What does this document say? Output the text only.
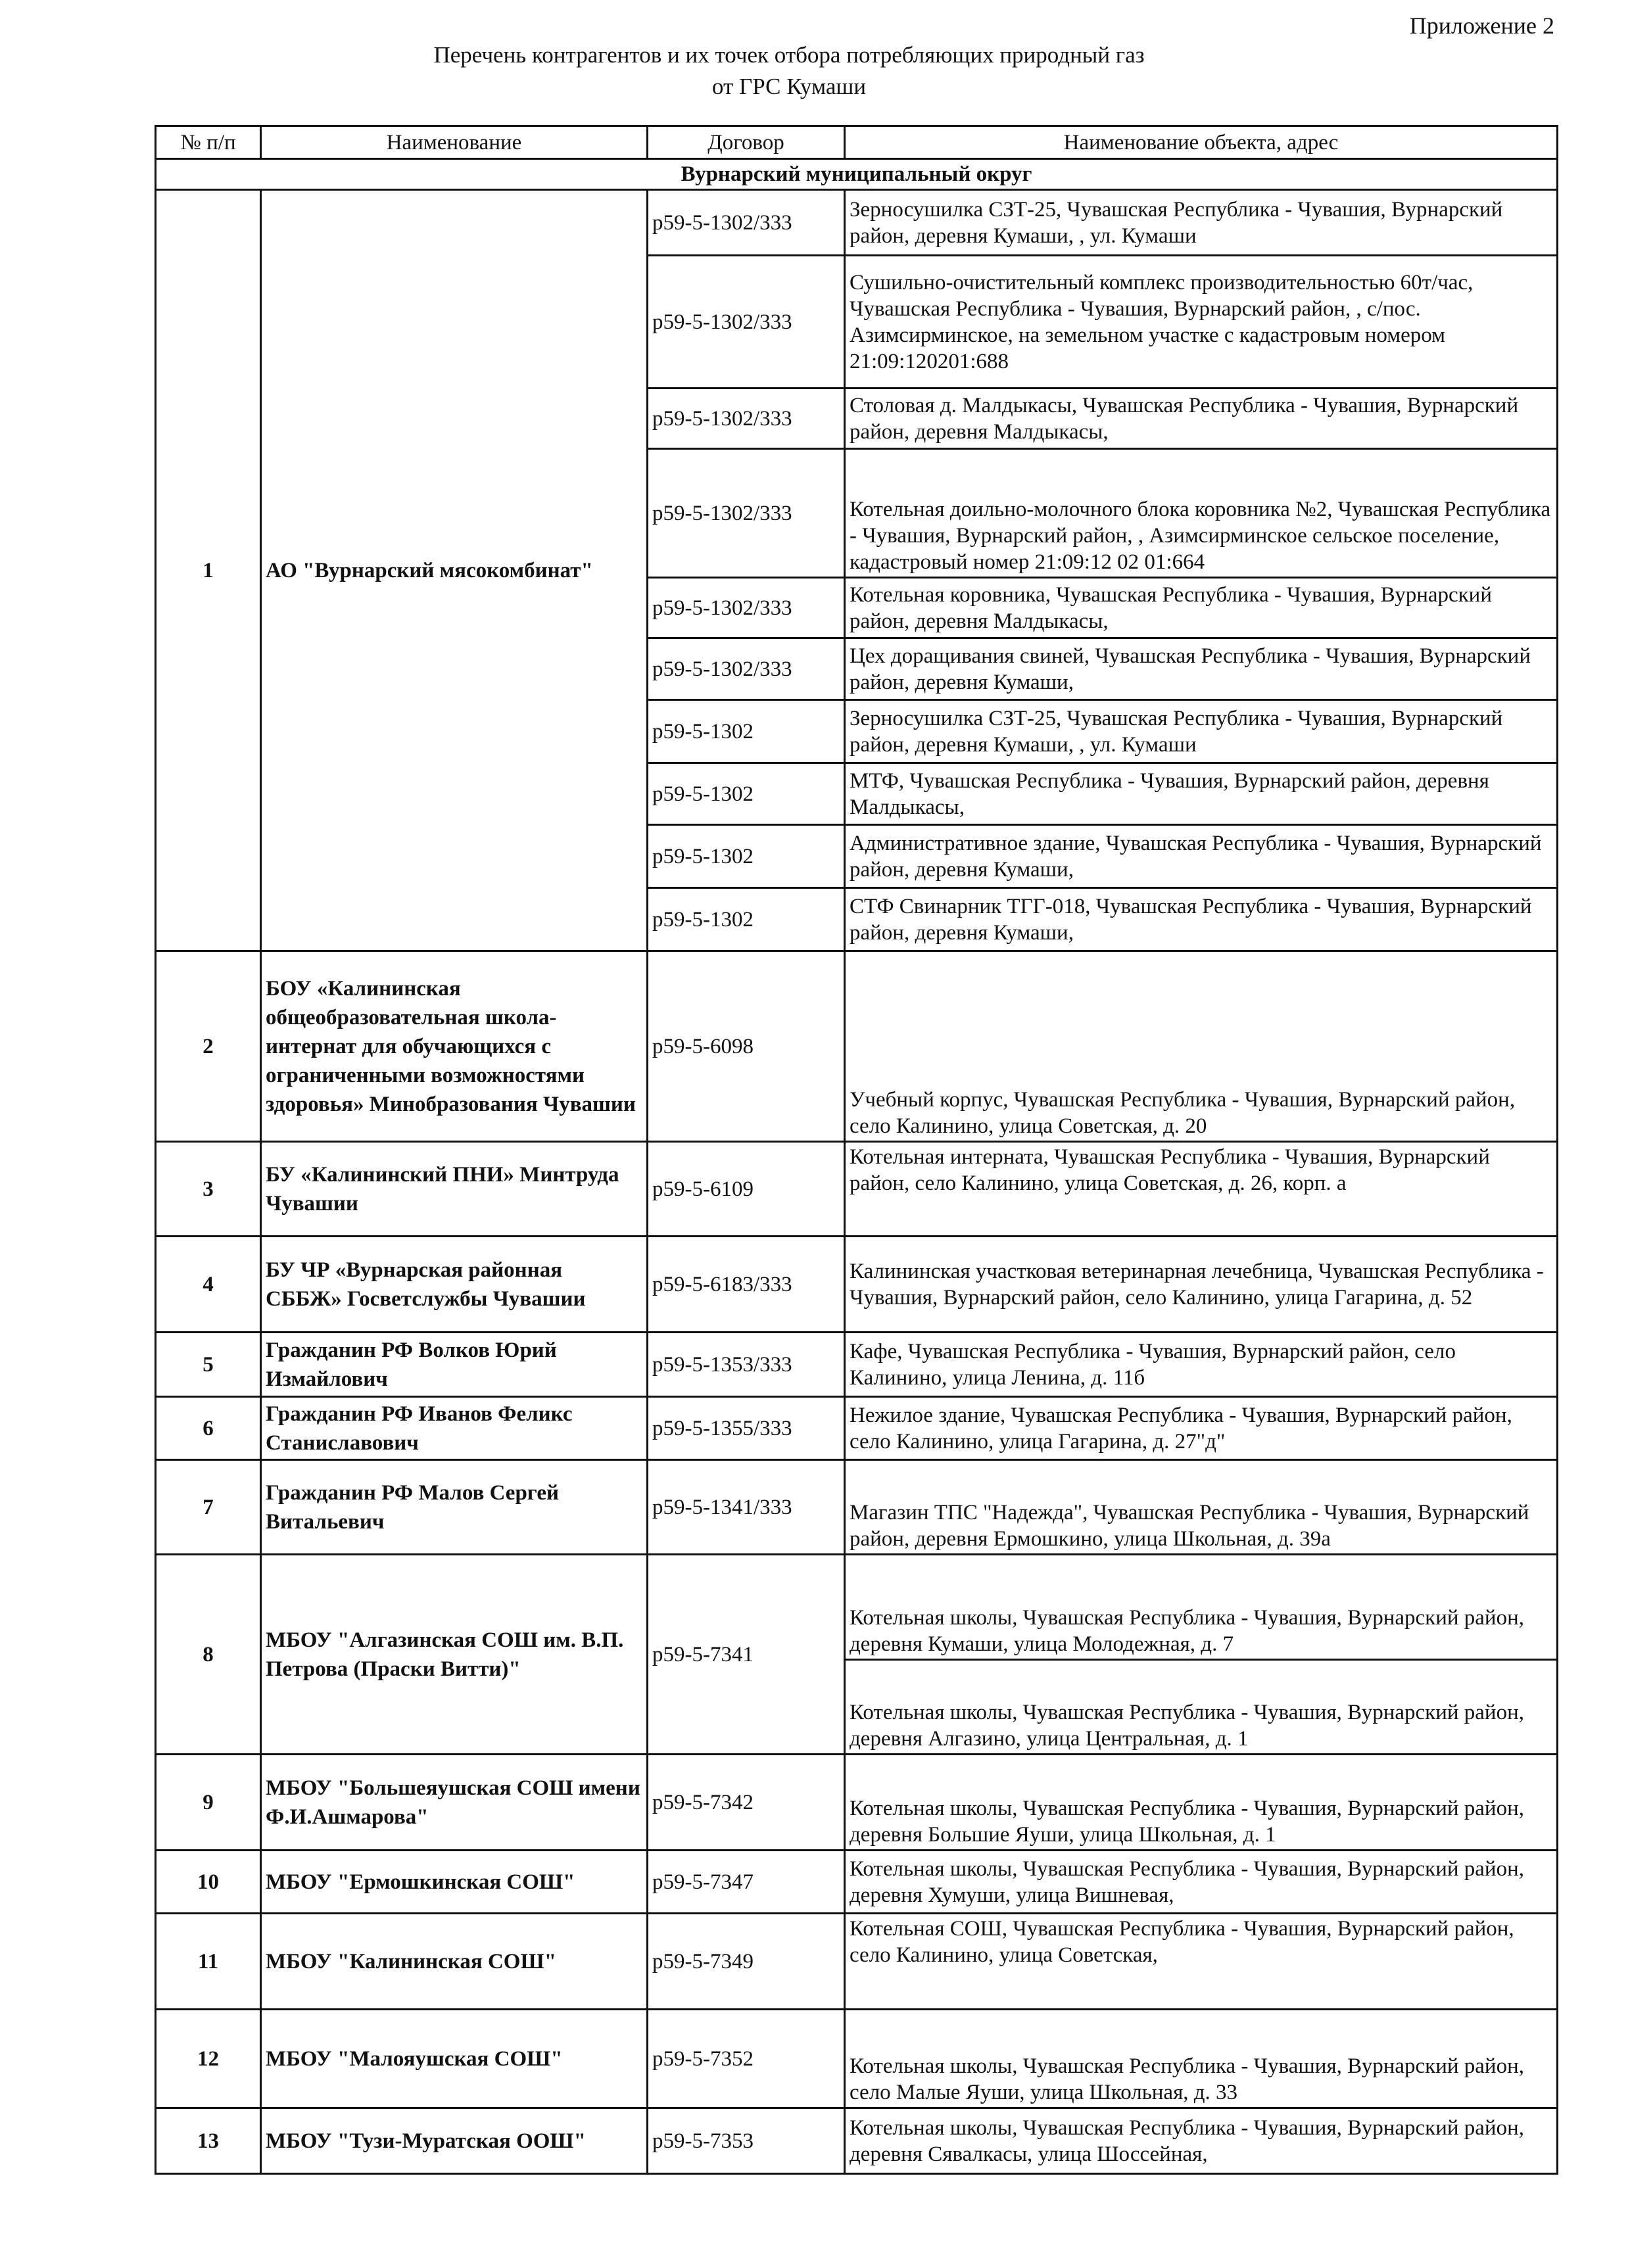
Приложение 2

Перечень контрагентов и их точек отбора потребляющих природный газ
от ГРС Кумаши
№ п/п	Наименование	Договор	Наименование объекта, адрес
Вурнарский муниципальный округ			
1	АО "Вурнарский мясокомбинат"	p59-5-1302/333	Зерносушилка СЗТ-25, Чувашская Республика - Чувашия, Вурнарский район, деревня Кумаши, , ул. Кумаши
		p59-5-1302/333	Сушильно-очистительный комплекс производительностью 60т/час, Чувашская Республика - Чувашия, Вурнарский район, , с/пос. Азимсирминское, на земельном участке с кадастровым номером 21:09:120201:688
		p59-5-1302/333	Столовая д. Малдыкасы, Чувашская Республика - Чувашия, Вурнарский район, деревня Малдыкасы,
		p59-5-1302/333	Котельная доильно-молочного блока коровника №2, Чувашская Республика - Чувашия, Вурнарский район, , Азимсирминское сельское поселение, кадастровый номер 21:09:12 02 01:664
		p59-5-1302/333	Котельная коровника, Чувашская Республика - Чувашия, Вурнарский район, деревня Малдыкасы,
		p59-5-1302/333	Цех доращивания свиней, Чувашская Республика - Чувашия, Вурнарский район, деревня Кумаши,
		p59-5-1302	Зерносушилка СЗТ-25, Чувашская Республика - Чувашия, Вурнарский район, деревня Кумаши, , ул. Кумаши
		p59-5-1302	МТФ, Чувашская Республика - Чувашия, Вурнарский район, деревня Малдыкасы,
		p59-5-1302	Административное здание, Чувашская Республика - Чувашия, Вурнарский район, деревня Кумаши,
		p59-5-1302	СТФ Свинарник ТГГ-018, Чувашская Республика - Чувашия, Вурнарский район, деревня Кумаши,
2	БОУ «Калининская общеобразовательная школа-интернат для обучающихся с ограниченными возможностями здоровья» Минобразования Чувашии	p59-5-6098	Учебный корпус, Чувашская Республика - Чувашия, Вурнарский район, село Калинино, улица Советская, д. 20
3	БУ «Калининский ПНИ» Минтруда Чувашии	p59-5-6109	Котельная интерната, Чувашская Республика - Чувашия, Вурнарский район, село Калинино, улица Советская, д. 26, корп. а
4	БУ ЧР «Вурнарская районная СББЖ» Госветслужбы Чувашии	p59-5-6183/333	Калининская участковая ветеринарная лечебница, Чувашская Республика - Чувашия, Вурнарский район, село Калинино, улица Гагарина, д. 52
5	Гражданин РФ Волков Юрий Измайлович	p59-5-1353/333	Кафе, Чувашская Республика - Чувашия, Вурнарский район, село Калинино, улица Ленина, д. 11б
6	Гражданин РФ Иванов Феликс Станиславович	p59-5-1355/333	Нежилое здание, Чувашская Республика - Чувашия, Вурнарский район, село Калинино, улица Гагарина, д. 27"д"
7	Гражданин РФ Малов Сергей Витальевич	p59-5-1341/333	Магазин ТПС "Надежда", Чувашская Республика - Чувашия, Вурнарский район, деревня Ермошкино, улица Школьная, д. 39а
8	МБОУ "Алгазинская СОШ им. В.П. Петрова (Праски Витти)"	p59-5-7341	Котельная школы, Чувашская Республика - Чувашия, Вурнарский район, деревня Кумаши, улица Молодежная, д. 7
			Котельная школы, Чувашская Республика - Чувашия, Вурнарский район, деревня Алгазино, улица Центральная, д. 1
9	МБОУ "Большеяушская СОШ имени Ф.И.Ашмарова"	p59-5-7342	Котельная школы, Чувашская Республика - Чувашия, Вурнарский район, деревня Большие Яуши, улица Школьная, д. 1
10	МБОУ "Ермошкинская СОШ"	p59-5-7347	Котельная школы, Чувашская Республика - Чувашия, Вурнарский район, деревня Хумуши, улица Вишневая,
11	МБОУ "Калининская СОШ"	p59-5-7349	Котельная СОШ, Чувашская Республика - Чувашия, Вурнарский район, село Калинино, улица Советская,
12	МБОУ "Малояушская СОШ"	p59-5-7352	Котельная школы, Чувашская Республика - Чувашия, Вурнарский район, село Малые Яуши, улица Школьная, д. 33
13	МБОУ "Тузи-Муратская ООШ"	p59-5-7353	Котельная школы, Чувашская Республика - Чувашия, Вурнарский район, деревня Сявалкасы, улица Шоссейная,
